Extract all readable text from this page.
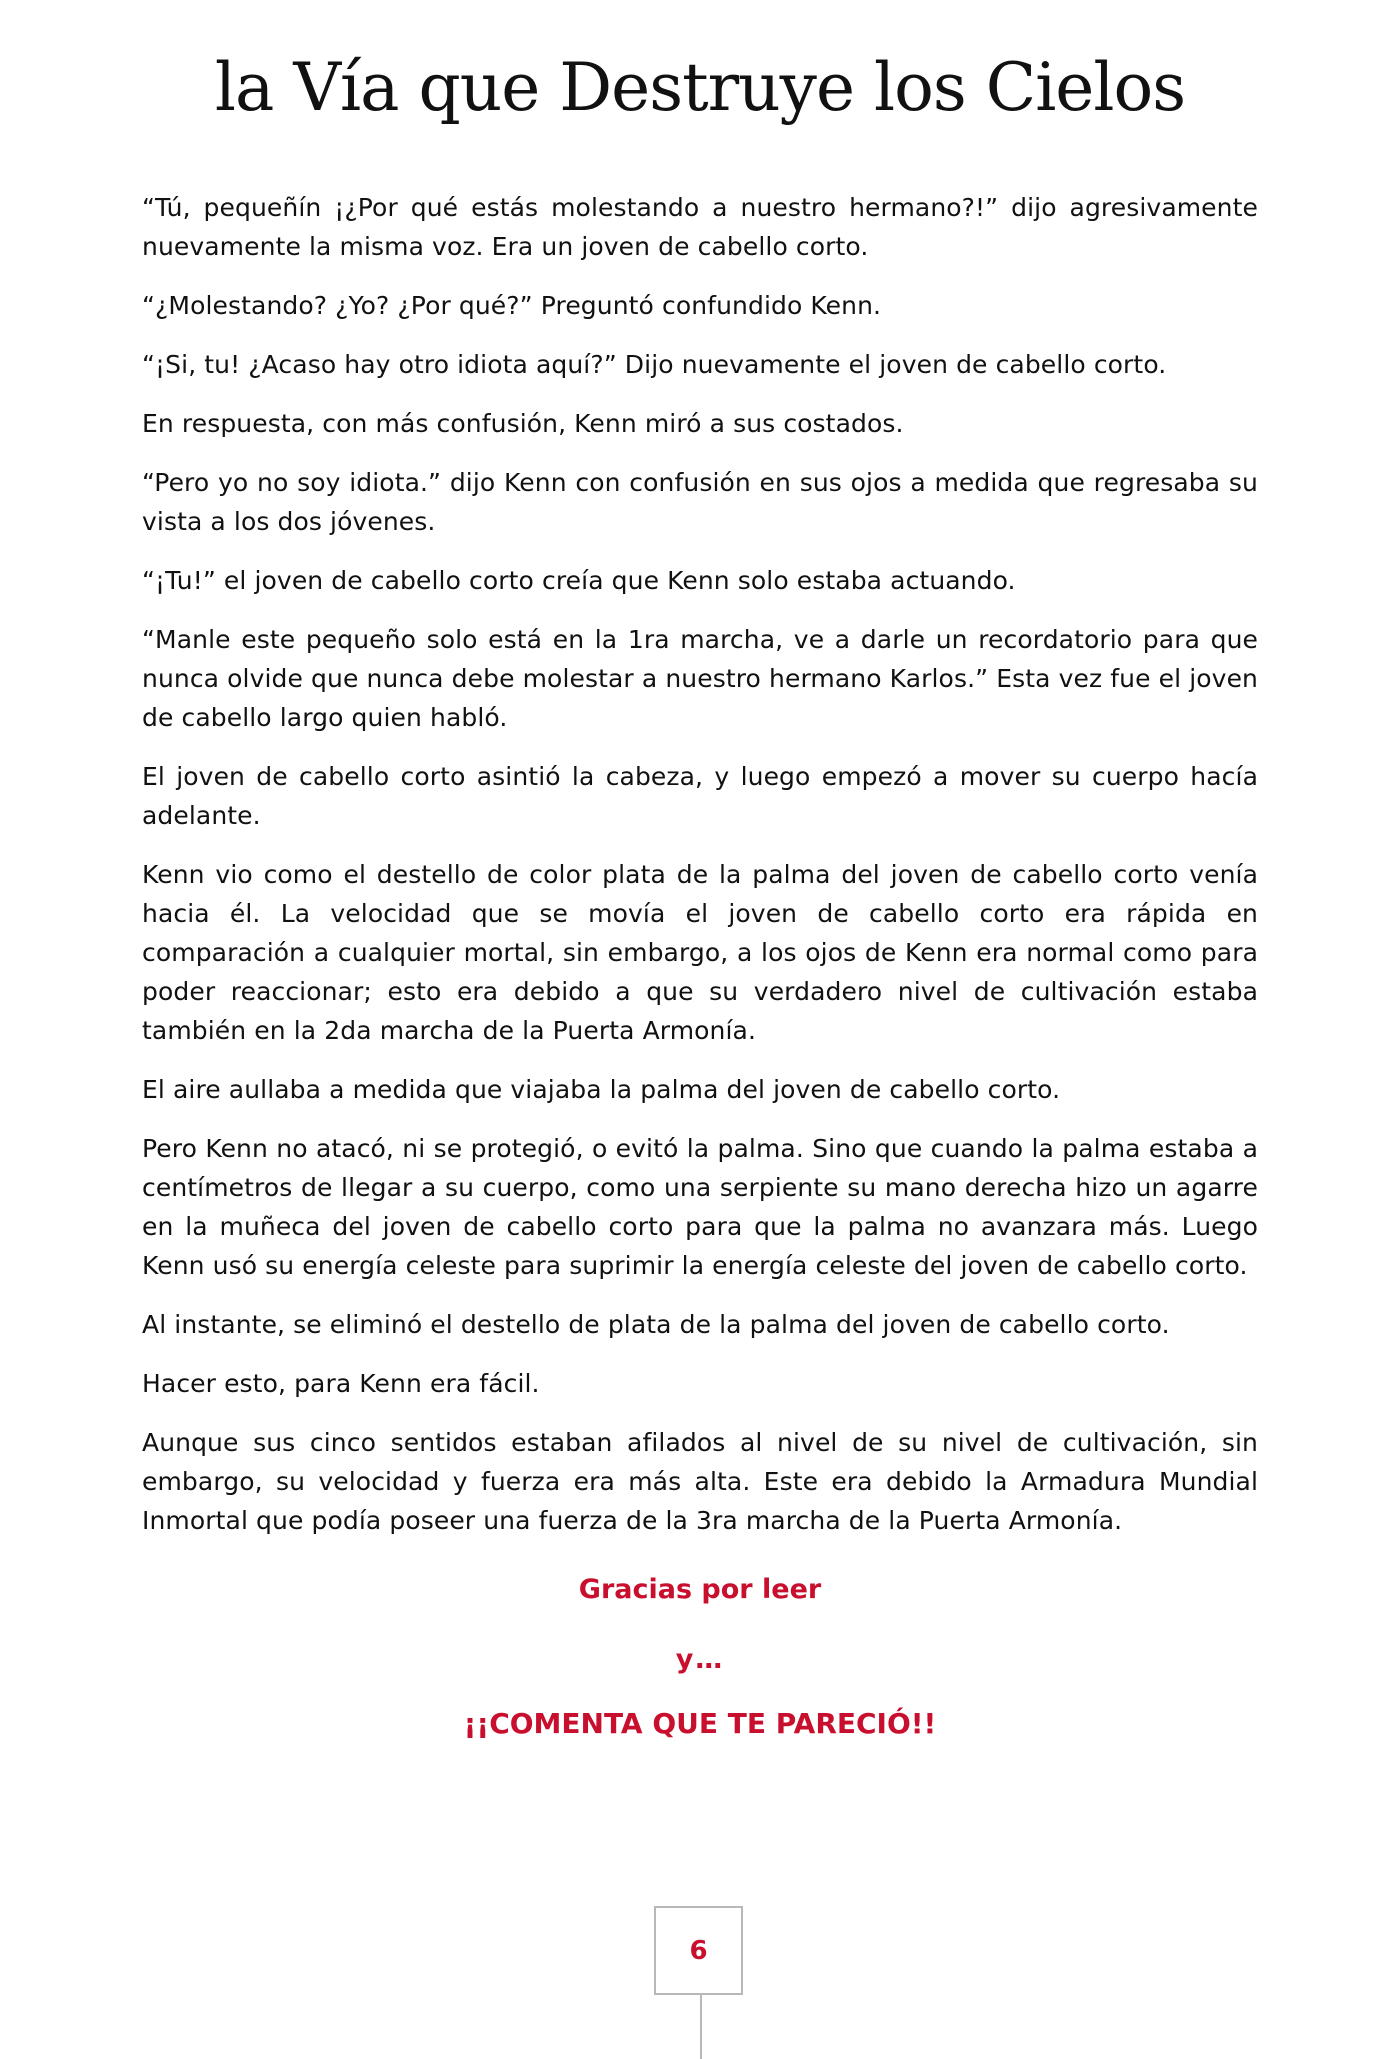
la Vía que Destruye los Cielos

“Tú, pequeñín ¡¿Por qué estás molestando a nuestro hermano?!” dijo agresivamente nuevamente la misma voz. Era un joven de cabello corto.

“¿Molestando? ¿Yo? ¿Por qué?” Preguntó confundido Kenn.

“¡Si, tu! ¿Acaso hay otro idiota aquí?” Dijo nuevamente el joven de cabello corto.

En respuesta, con más confusión, Kenn miró a sus costados.

“Pero yo no soy idiota.” dijo Kenn con confusión en sus ojos a medida que regresaba su vista a los dos jóvenes.

“¡Tu!” el joven de cabello corto creía que Kenn solo estaba actuando.

“Manle este pequeño solo está en la 1ra marcha, ve a darle un recordatorio para que nunca olvide que nunca debe molestar a nuestro hermano Karlos.” Esta vez fue el joven de cabello largo quien habló.

El joven de cabello corto asintió la cabeza, y luego empezó a mover su cuerpo hacía adelante.

Kenn vio como el destello de color plata de la palma del joven de cabello corto venía hacia él. La velocidad que se movía el joven de cabello corto era rápida en comparación a cualquier mortal, sin embargo, a los ojos de Kenn era normal como para poder reaccionar; esto era debido a que su verdadero nivel de cultivación estaba también en la 2da marcha de la Puerta Armonía.

El aire aullaba a medida que viajaba la palma del joven de cabello corto.

Pero Kenn no atacó, ni se protegió, o evitó la palma. Sino que cuando la palma estaba a centímetros de llegar a su cuerpo, como una serpiente su mano derecha hizo un agarre en la muñeca del joven de cabello corto para que la palma no avanzara más. Luego Kenn usó su energía celeste para suprimir la energía celeste del joven de cabello corto.

Al instante, se eliminó el destello de plata de la palma del joven de cabello corto.

Hacer esto, para Kenn era fácil.

Aunque sus cinco sentidos estaban afilados al nivel de su nivel de cultivación, sin embargo, su velocidad y fuerza era más alta. Este era debido la Armadura Mundial Inmortal que podía poseer una fuerza de la 3ra marcha de la Puerta Armonía.

Gracias por leer
y…
¡¡COMENTA QUE TE PARECIÓ!!
6
